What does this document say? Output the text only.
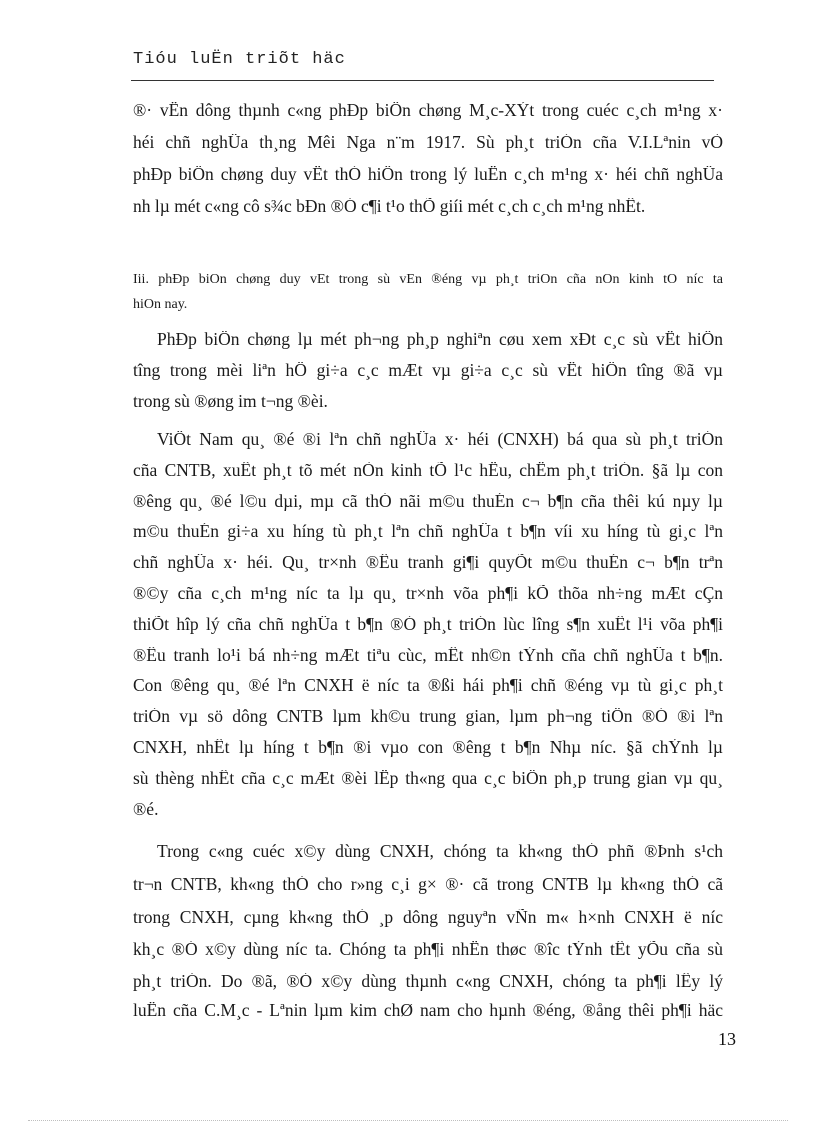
Tióu luËn triõt häc
®· vËn dông thµnh c«ng phÐp biÖn chøng M¸c-XÝt trong cuéc c¸ch m¹ng x·
héi chñ nghÜa th¸ng Mêi Nga n¨m 1917. Sù ph¸t triÓn cña V.I.Lªnin vÒ
phÐp biÖn chøng duy vËt thÓ hiÖn trong lý luËn c¸ch m¹ng x· héi chñ nghÜa
nh lµ mét c«ng cô s¾c bÐn ®Ó c¶i t¹o thÕ giíi mét c¸ch c¸ch m¹ng nhÊt.
Iii. phÐp biÖn chøng duy vËt trong sù vËn ®éng vµ ph¸t triÓn cña nÒn kinh tÕ níc ta
hiÖn nay.
PhÐp biÖn chøng lµ mét ph¬ng ph¸p nghiªn cøu xem xÐt c¸c sù vËt hiÖn
tîng trong mèi liªn hÖ gi÷a c¸c mÆt vµ gi÷a c¸c sù vËt hiÖn tîng ®ã vµ
trong sù ®øng im t¬ng ®èi.
ViÖt Nam qu¸ ®é ®i lªn chñ nghÜa x· héi (CNXH) bá qua sù ph¸t triÓn
cña CNTB, xuÊt ph¸t tõ mét nÒn kinh tÕ l¹c hËu, chËm ph¸t triÓn. §ã lµ con
®êng qu¸ ®é l©u dµi, mµ cã thÓ nãi m©u thuÉn c¬ b¶n cña thêi kú nµy lµ
m©u thuÉn gi÷a xu híng tù ph¸t lªn chñ nghÜa t b¶n víi xu híng tù gi¸c lªn
chñ nghÜa x· héi. Qu¸ tr×nh ®Êu tranh gi¶i quyÕt m©u thuÉn c¬ b¶n trªn
®©y cña c¸ch m¹ng níc ta lµ qu¸ tr×nh võa ph¶i kÕ thõa nh÷ng mÆt cÇn
thiÕt hîp lý cña chñ nghÜa t b¶n ®Ó ph¸t triÓn lùc lîng s¶n xuÊt l¹i võa ph¶i
®Êu tranh lo¹i bá nh÷ng mÆt tiªu cùc, mÊt nh©n tÝnh cña chñ nghÜa t b¶n.
Con ®êng qu¸ ®é lªn CNXH ë níc ta ®ßi hái ph¶i chñ ®éng vµ tù gi¸c ph¸t
triÓn vµ sö dông CNTB lµm kh©u trung gian, lµm ph¬ng tiÖn ®Ó ®i lªn
CNXH, nhÊt lµ híng t b¶n ®i vµo con ®êng t b¶n Nhµ níc. §ã chÝnh lµ
sù thèng nhÊt cña c¸c mÆt ®èi lËp th«ng qua c¸c biÖn ph¸p trung gian vµ qu¸
®é.
Trong c«ng cuéc x©y dùng CNXH, chóng ta kh«ng thÓ phñ ®Þnh s¹ch
tr¬n CNTB, kh«ng thÓ cho r»ng c¸i g× ®· cã trong CNTB lµ kh«ng thÓ cã
trong CNXH, cµng kh«ng thÓ ¸p dông nguyªn vÑn m« h×nh CNXH ë níc
kh¸c ®Ó x©y dùng níc ta. Chóng ta ph¶i nhËn thøc ®îc tÝnh tÊt yÕu cña sù
ph¸t triÓn. Do ®ã, ®Ó x©y dùng thµnh c«ng CNXH, chóng ta ph¶i lÊy lý
luËn cña C.M¸c - Lªnin lµm kim chØ nam cho hµnh ®éng, ®ång thêi ph¶i häc
13
